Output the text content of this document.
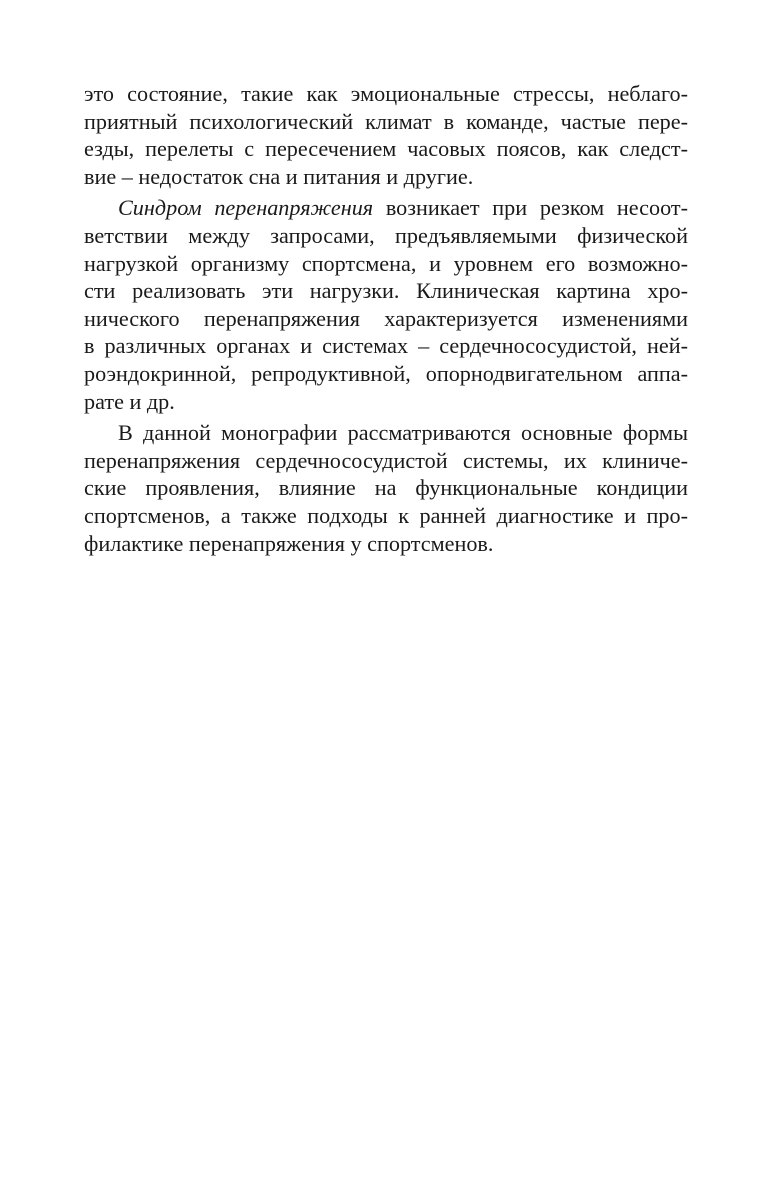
это состояние, такие как эмоциональные стрессы, неблаго-
приятный психологический климат в команде, частые пере-
езды, перелеты с пересечением часовых поясов, как следст-
вие – недостаток сна и питания и другие.
Синдром перенапряжения возникает при резком несоот-
ветствии между запросами, предъявляемыми физической
нагрузкой организму спортсмена, и уровнем его возможно-
сти реализовать эти нагрузки. Клиническая картина хро-
нического перенапряжения характеризуется изменениями
в различных органах и системах – сердечнососудистой, ней-
роэндокринной, репродуктивной, опорнодвигательном аппа-
рате и др.
В данной монографии рассматриваются основные формы
перенапряжения сердечнососудистой системы, их клиниче-
ские проявления, влияние на функциональные кондиции
спортсменов, а также подходы к ранней диагностике и про-
филактике перенапряжения у спортсменов.
